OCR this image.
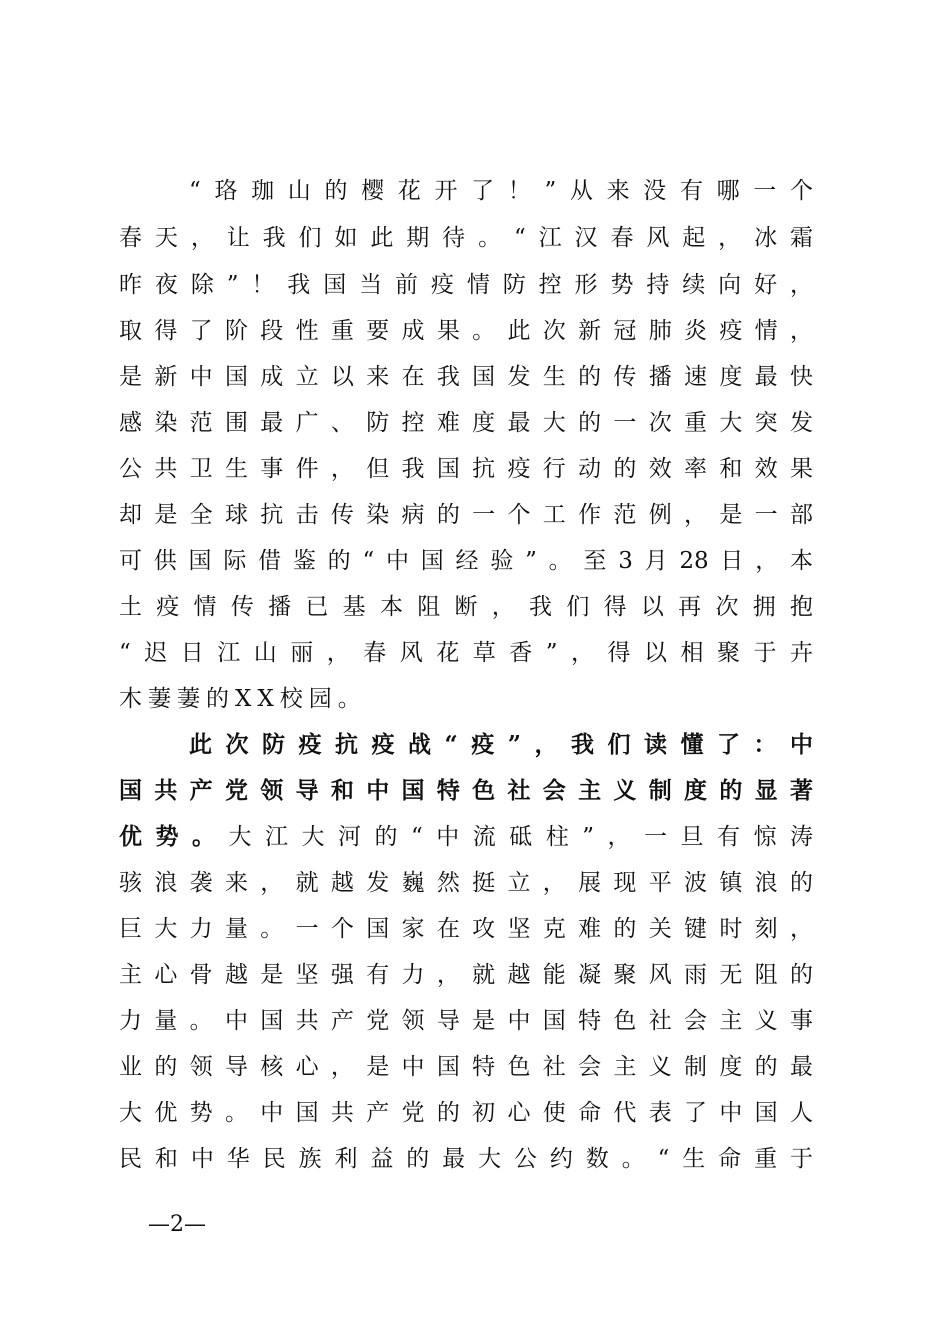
“珞珈山的樱花开了！”从来没有哪一个
春天，让我们如此期待。“江汉春风起，冰霜
昨夜除”！我国当前疫情防控形势持续向好，
取得了阶段性重要成果。此次新冠肺炎疫情，
是新中国成立以来在我国发生的传播速度最快
感染范围最广、防控难度最大的一次重大突发
公共卫生事件，但我国抗疫行动的效率和效果
却是全球抗击传染病的一个工作范例，是一部
可供国际借鉴的“中国经验”。至3月28日，本
土疫情传播已基本阻断，我们得以再次拥抱
“迟日江山丽，春风花草香”，得以相聚于卉
木萋萋的XX校园。
此次防疫抗疫战“疫”，我们读懂了：中
国共产党领导和中国特色社会主义制度的显著
优势。大江大河的“中流砥柱”，一旦有惊涛
骇浪袭来，就越发巍然挺立，展现平波镇浪的
巨大力量。一个国家在攻坚克难的关键时刻，
主心骨越是坚强有力，就越能凝聚风雨无阻的
力量。中国共产党领导是中国特色社会主义事
业的领导核心，是中国特色社会主义制度的最
大优势。中国共产党的初心使命代表了中国人
民和中华民族利益的最大公约数。“生命重于
—2—
